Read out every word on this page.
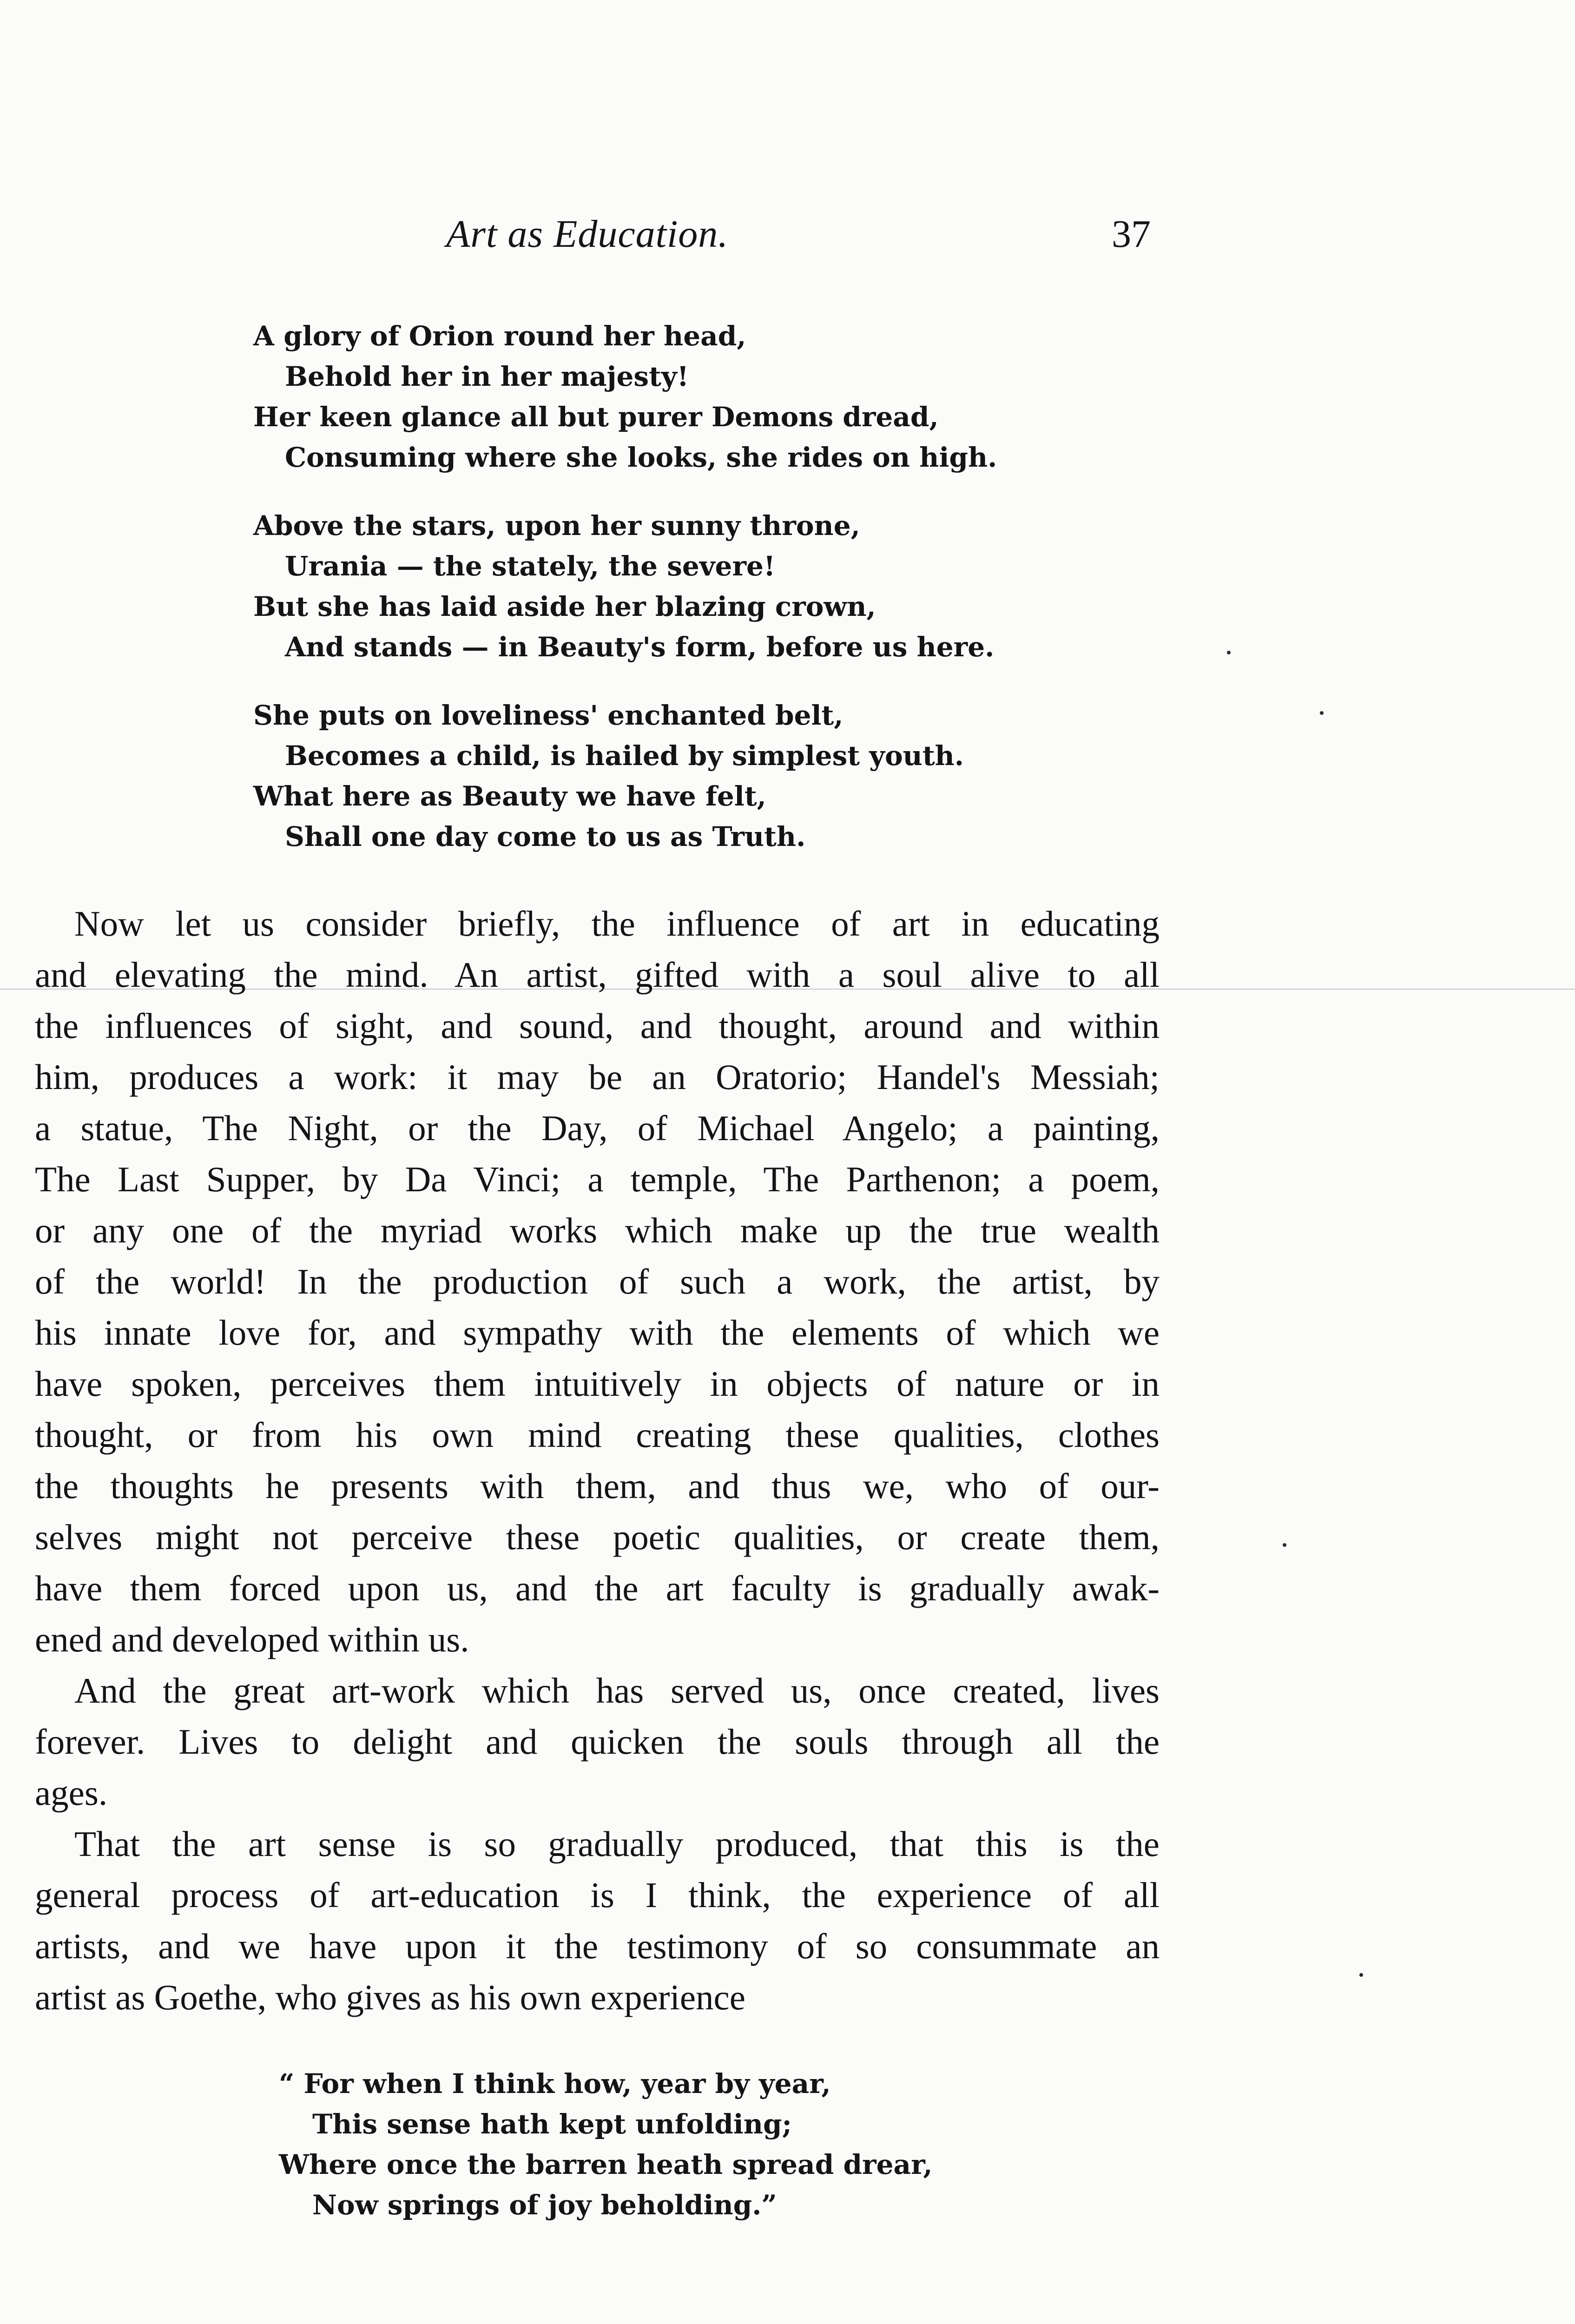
Art as Education.	37
A glory of Orion round her head,
Behold her in her majesty!
Her keen glance all but purer Demons dread,
Consuming where she looks, she rides on high.
Above the stars, upon her sunny throne,
Urania — the stately, the severe!
But she has laid aside her blazing crown,
And stands — in Beauty's form, before us here.
She puts on loveliness' enchanted belt,
Becomes a child, is hailed by simplest youth.
What here as Beauty we have felt,
Shall one day come to us as Truth.
Now let us consider briefly, the influence of art in educating
and elevating the mind. An artist, gifted with a soul alive to all
the influences of sight, and sound, and thought, around and within
him, produces a work: it may be an Oratorio; Handel's Messiah;
a statue, The Night, or the Day, of Michael Angelo; a painting,
The Last Supper, by Da Vinci; a temple, The Parthenon; a poem,
or any one of the myriad works which make up the true wealth
of the world! In the production of such a work, the artist, by
his innate love for, and sympathy with the elements of which we
have spoken, perceives them intuitively in objects of nature or in
thought, or from his own mind creating these qualities, clothes
the thoughts he presents with them, and thus we, who of our-
selves might not perceive these poetic qualities, or create them,
have them forced upon us, and the art faculty is gradually awak-
ened and developed within us.
And the great art-work which has served us, once created, lives
forever. Lives to delight and quicken the souls through all the
ages.
That the art sense is so gradually produced, that this is the
general process of art-education is I think, the experience of all
artists, and we have upon it the testimony of so consummate an
artist as Goethe, who gives as his own experience
“ For when I think how, year by year,
This sense hath kept unfolding;
Where once the barren heath spread drear,
Now springs of joy beholding.”
